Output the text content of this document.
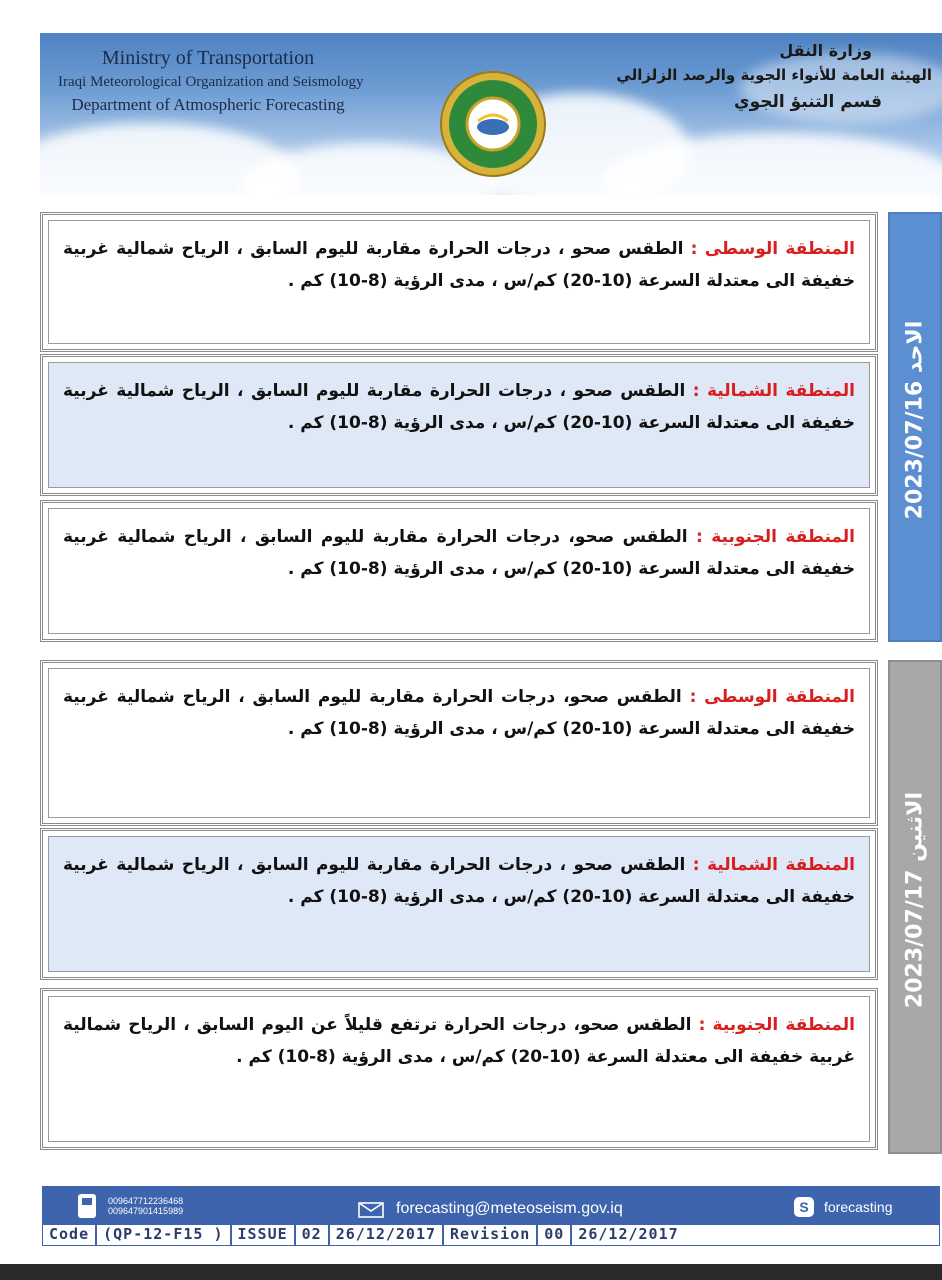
Ministry of Transportation
Iraqi Meteorological Organization and Seismology
Department of Atmospheric Forecasting
وزارة النقل
الهيئة العامة للأنواء الجوية والرصد الزلزالي
قسم التنبؤ الجوي
المنطقة الوسطى : الطقس صحو ، درجات الحرارة مقاربة لليوم السابق ، الرياح شمالية غربية خفيفة الى معتدلة السرعة (10-20) كم/س ، مدى الرؤية (8-10) كم .
المنطقة الشمالية : الطقس صحو ، درجات الحرارة مقاربة لليوم السابق ، الرياح شمالية غربية خفيفة الى معتدلة السرعة (10-20) كم/س ، مدى الرؤية (8-10) كم .
المنطقة الجنوبية : الطقس صحو، درجات الحرارة مقاربة لليوم السابق ، الرياح شمالية غربية خفيفة الى معتدلة السرعة (10-20) كم/س ، مدى الرؤية (8-10) كم .
الاحد 2023/07/16
المنطقة الوسطى : الطقس صحو، درجات الحرارة مقاربة لليوم السابق ، الرياح شمالية غربية خفيفة الى معتدلة السرعة (10-20) كم/س ، مدى الرؤية (8-10) كم .
المنطقة الشمالية : الطقس صحو ، درجات الحرارة مقاربة لليوم السابق ، الرياح شمالية غربية خفيفة الى معتدلة السرعة (10-20) كم/س ، مدى الرؤية (8-10) كم .
المنطقة الجنوبية : الطقس صحو، درجات الحرارة ترتفع قليلاً عن اليوم السابق ، الرياح شمالية غربية خفيفة الى معتدلة السرعة (10-20) كم/س ، مدى الرؤية (8-10) كم .
الاثنين 2023/07/17
009647712236468
009647901415989	forecasting@meteoseism.gov.iq	S	forecasting
Code (QP-12-F15 ) ISSUE 02 26/12/2017 Revision 00 26/12/2017
